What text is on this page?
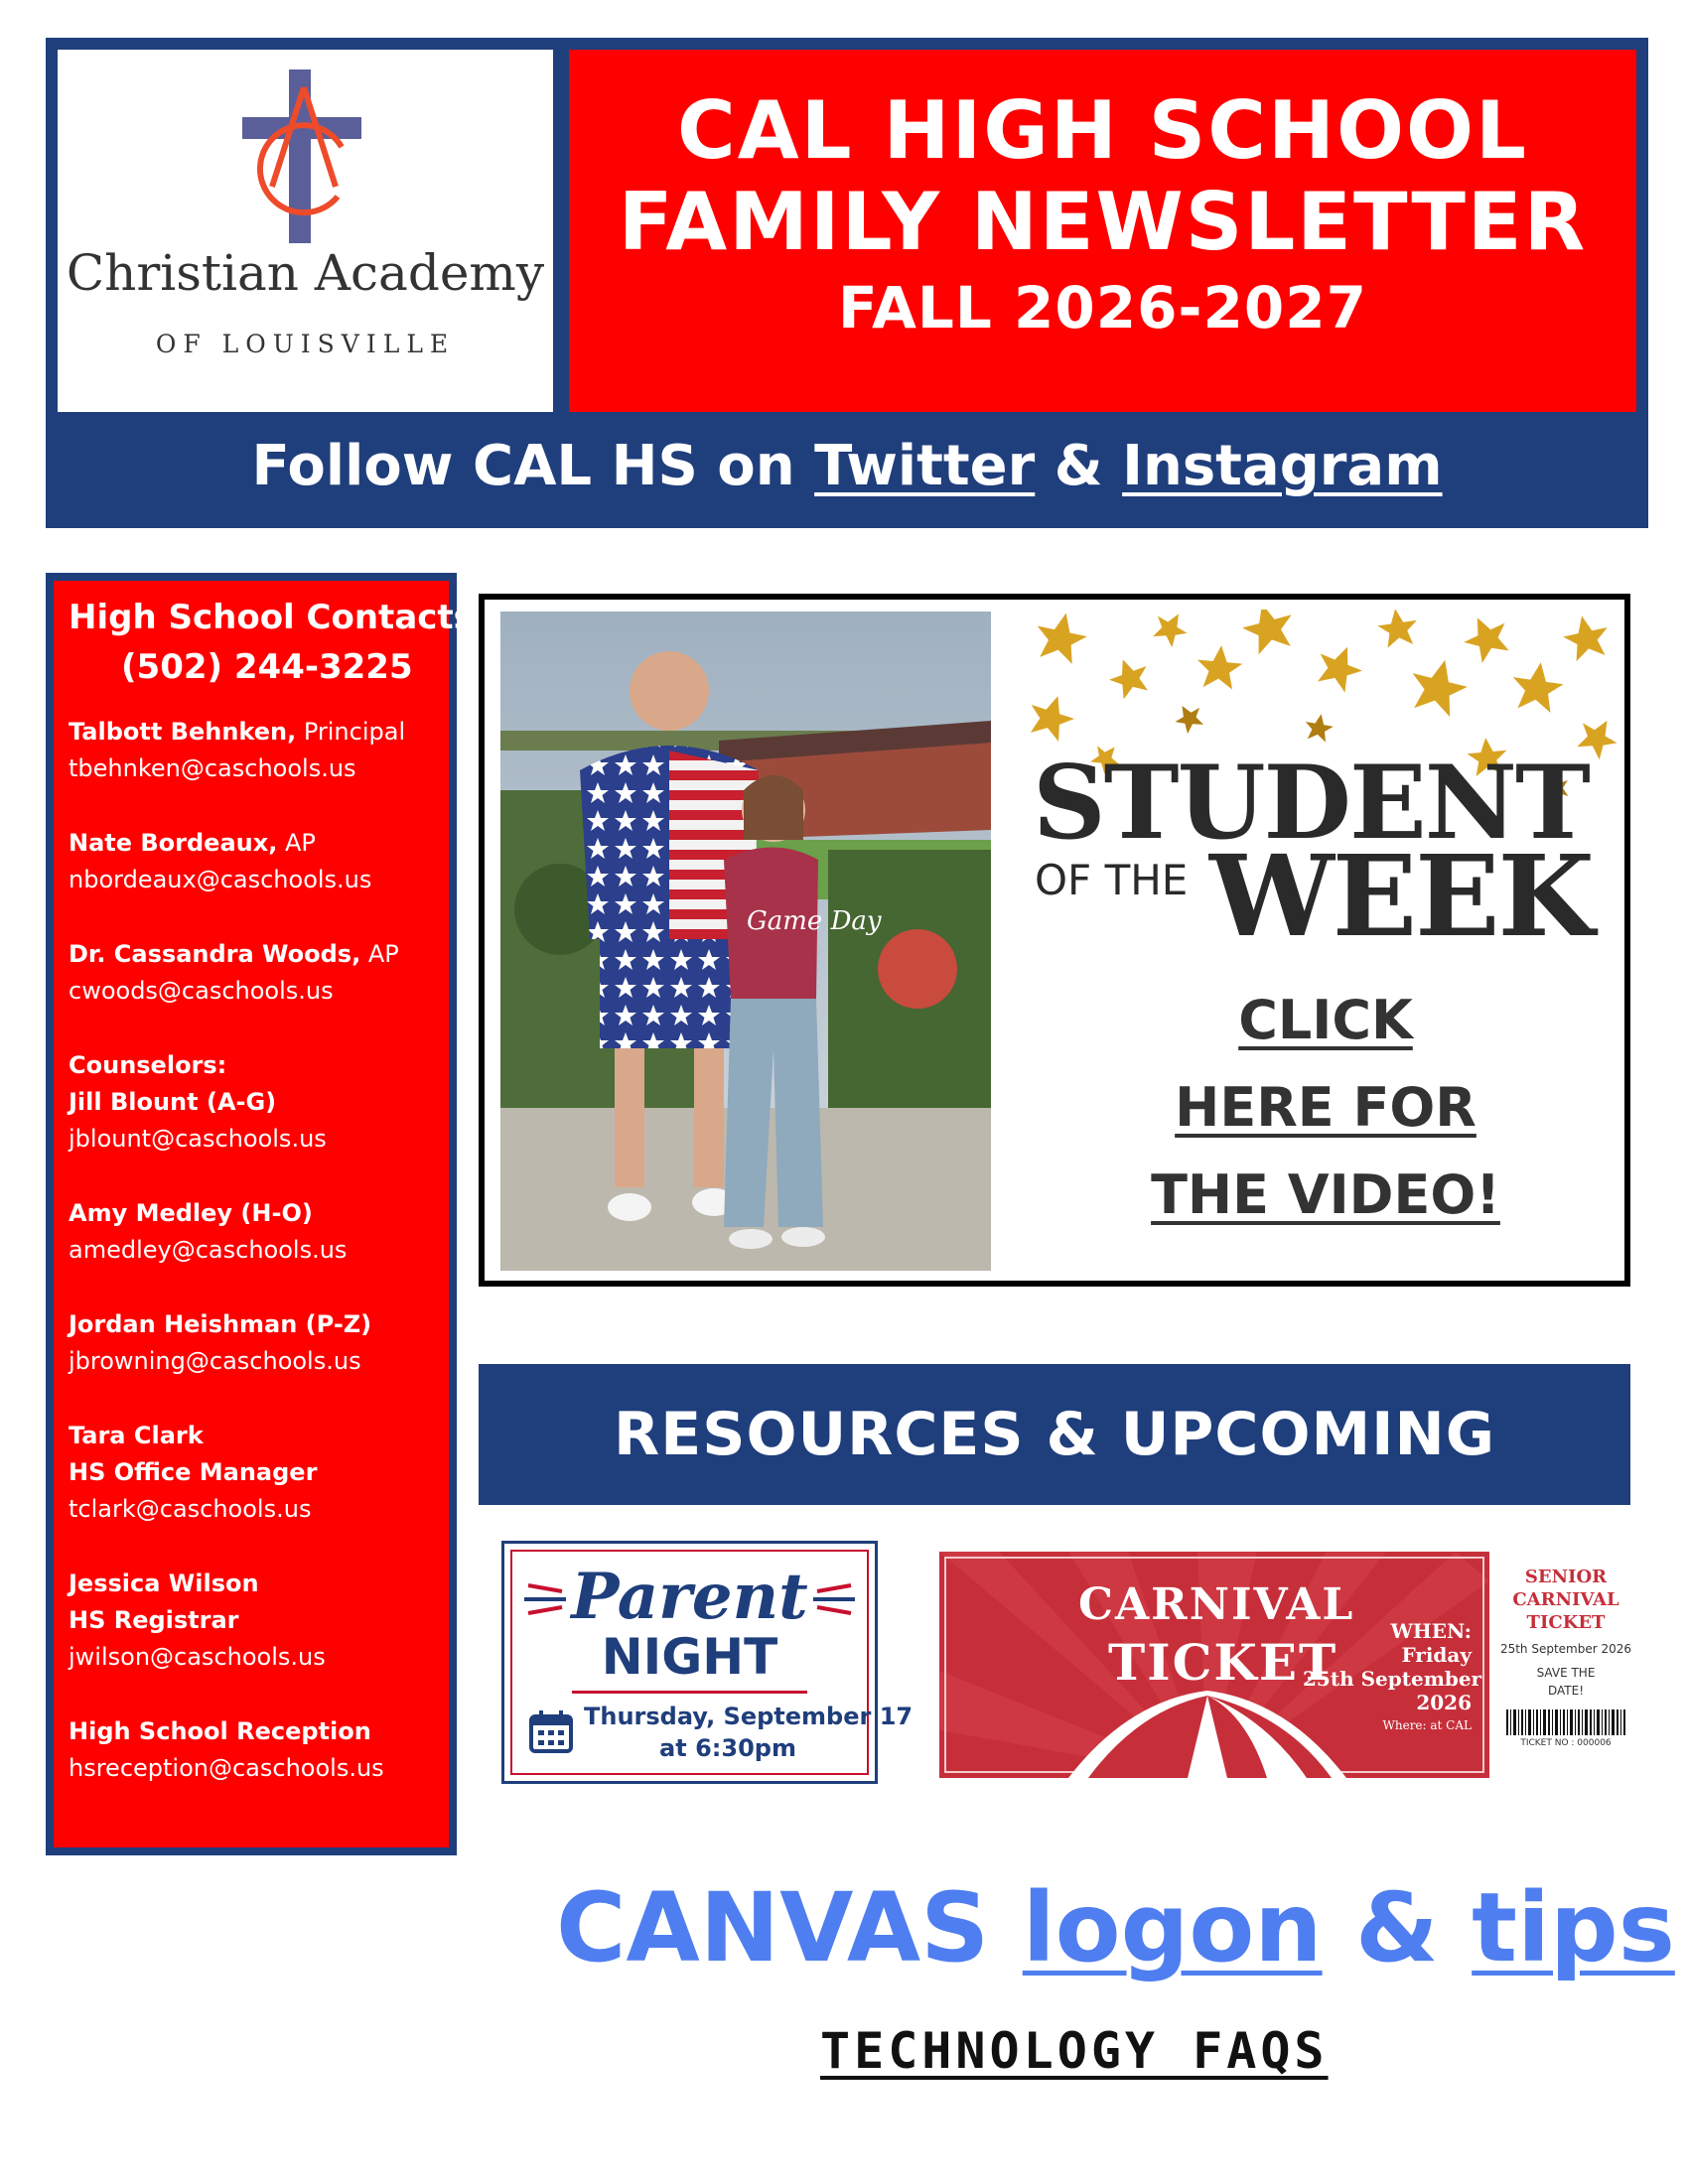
Christian Academy
OF LOUISVILLE
CAL HIGH SCHOOL
FAMILY NEWSLETTER
FALL 2026-2027
Follow CAL HS on Twitter & Instagram
High School Contacts
(502) 244-3225
Talbott Behnken, Principal
tbehnken@caschools.us
Nate Bordeaux, AP
nbordeaux@caschools.us
Dr. Cassandra Woods, AP
cwoods@caschools.us
Counselors:
Jill Blount (A-G)
jblount@caschools.us
Amy Medley (H-O)
amedley@caschools.us
Jordan Heishman (P-Z)
jbrowning@caschools.us
Tara Clark
HS Office Manager
tclark@caschools.us
Jessica Wilson
HS Registrar
jwilson@caschools.us
High School Reception
hsreception@caschools.us
Game Day
STUDENT
OF THE WEEK
CLICK
HERE FOR
THE VIDEO!
RESOURCES & UPCOMING
Parent
NIGHT
Thursday, September 17
at 6:30pm
CARNIVAL
TICKET
WHEN:
Friday
25th September
2026
Where: at CAL
SENIOR
CARNIVAL
TICKET
25th September 2026
SAVE THE
DATE!
TICKET NO : 000006
CANVAS logon & tips
TECHNOLOGY FAQS
